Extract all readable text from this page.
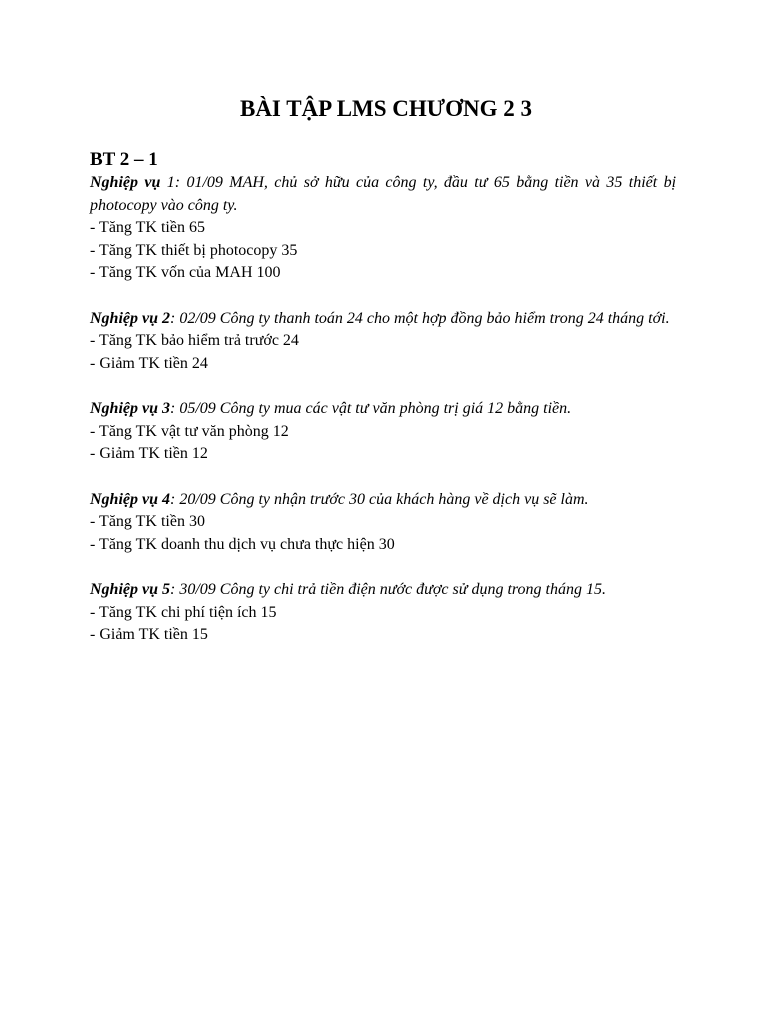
BÀI TẬP LMS CHƯƠNG 2 3
BT 2 – 1

Nghiệp vụ 1: 01/09 MAH, chủ sở hữu của công ty, đầu tư 65 bằng tiền và 35 thiết bị photocopy vào công ty.

- Tăng TK tiền 65

- Tăng TK thiết bị photocopy 35

- Tăng TK vốn của MAH 100

Nghiệp vụ 2: 02/09 Công ty thanh toán 24 cho một hợp đồng bảo hiểm trong 24 tháng tới.

- Tăng TK bảo hiểm trả trước 24

- Giảm TK tiền 24

Nghiệp vụ 3: 05/09 Công ty mua các vật tư văn phòng trị giá 12 bằng tiền.

- Tăng TK vật tư văn phòng 12

- Giảm TK tiền 12

Nghiệp vụ 4: 20/09 Công ty nhận trước 30 của khách hàng về dịch vụ sẽ làm.

- Tăng TK tiền 30

- Tăng TK doanh thu dịch vụ chưa thực hiện 30

Nghiệp vụ 5: 30/09 Công ty chi trả tiền điện nước được sử dụng trong tháng 15.

- Tăng TK chi phí tiện ích 15

- Giảm TK tiền 15
